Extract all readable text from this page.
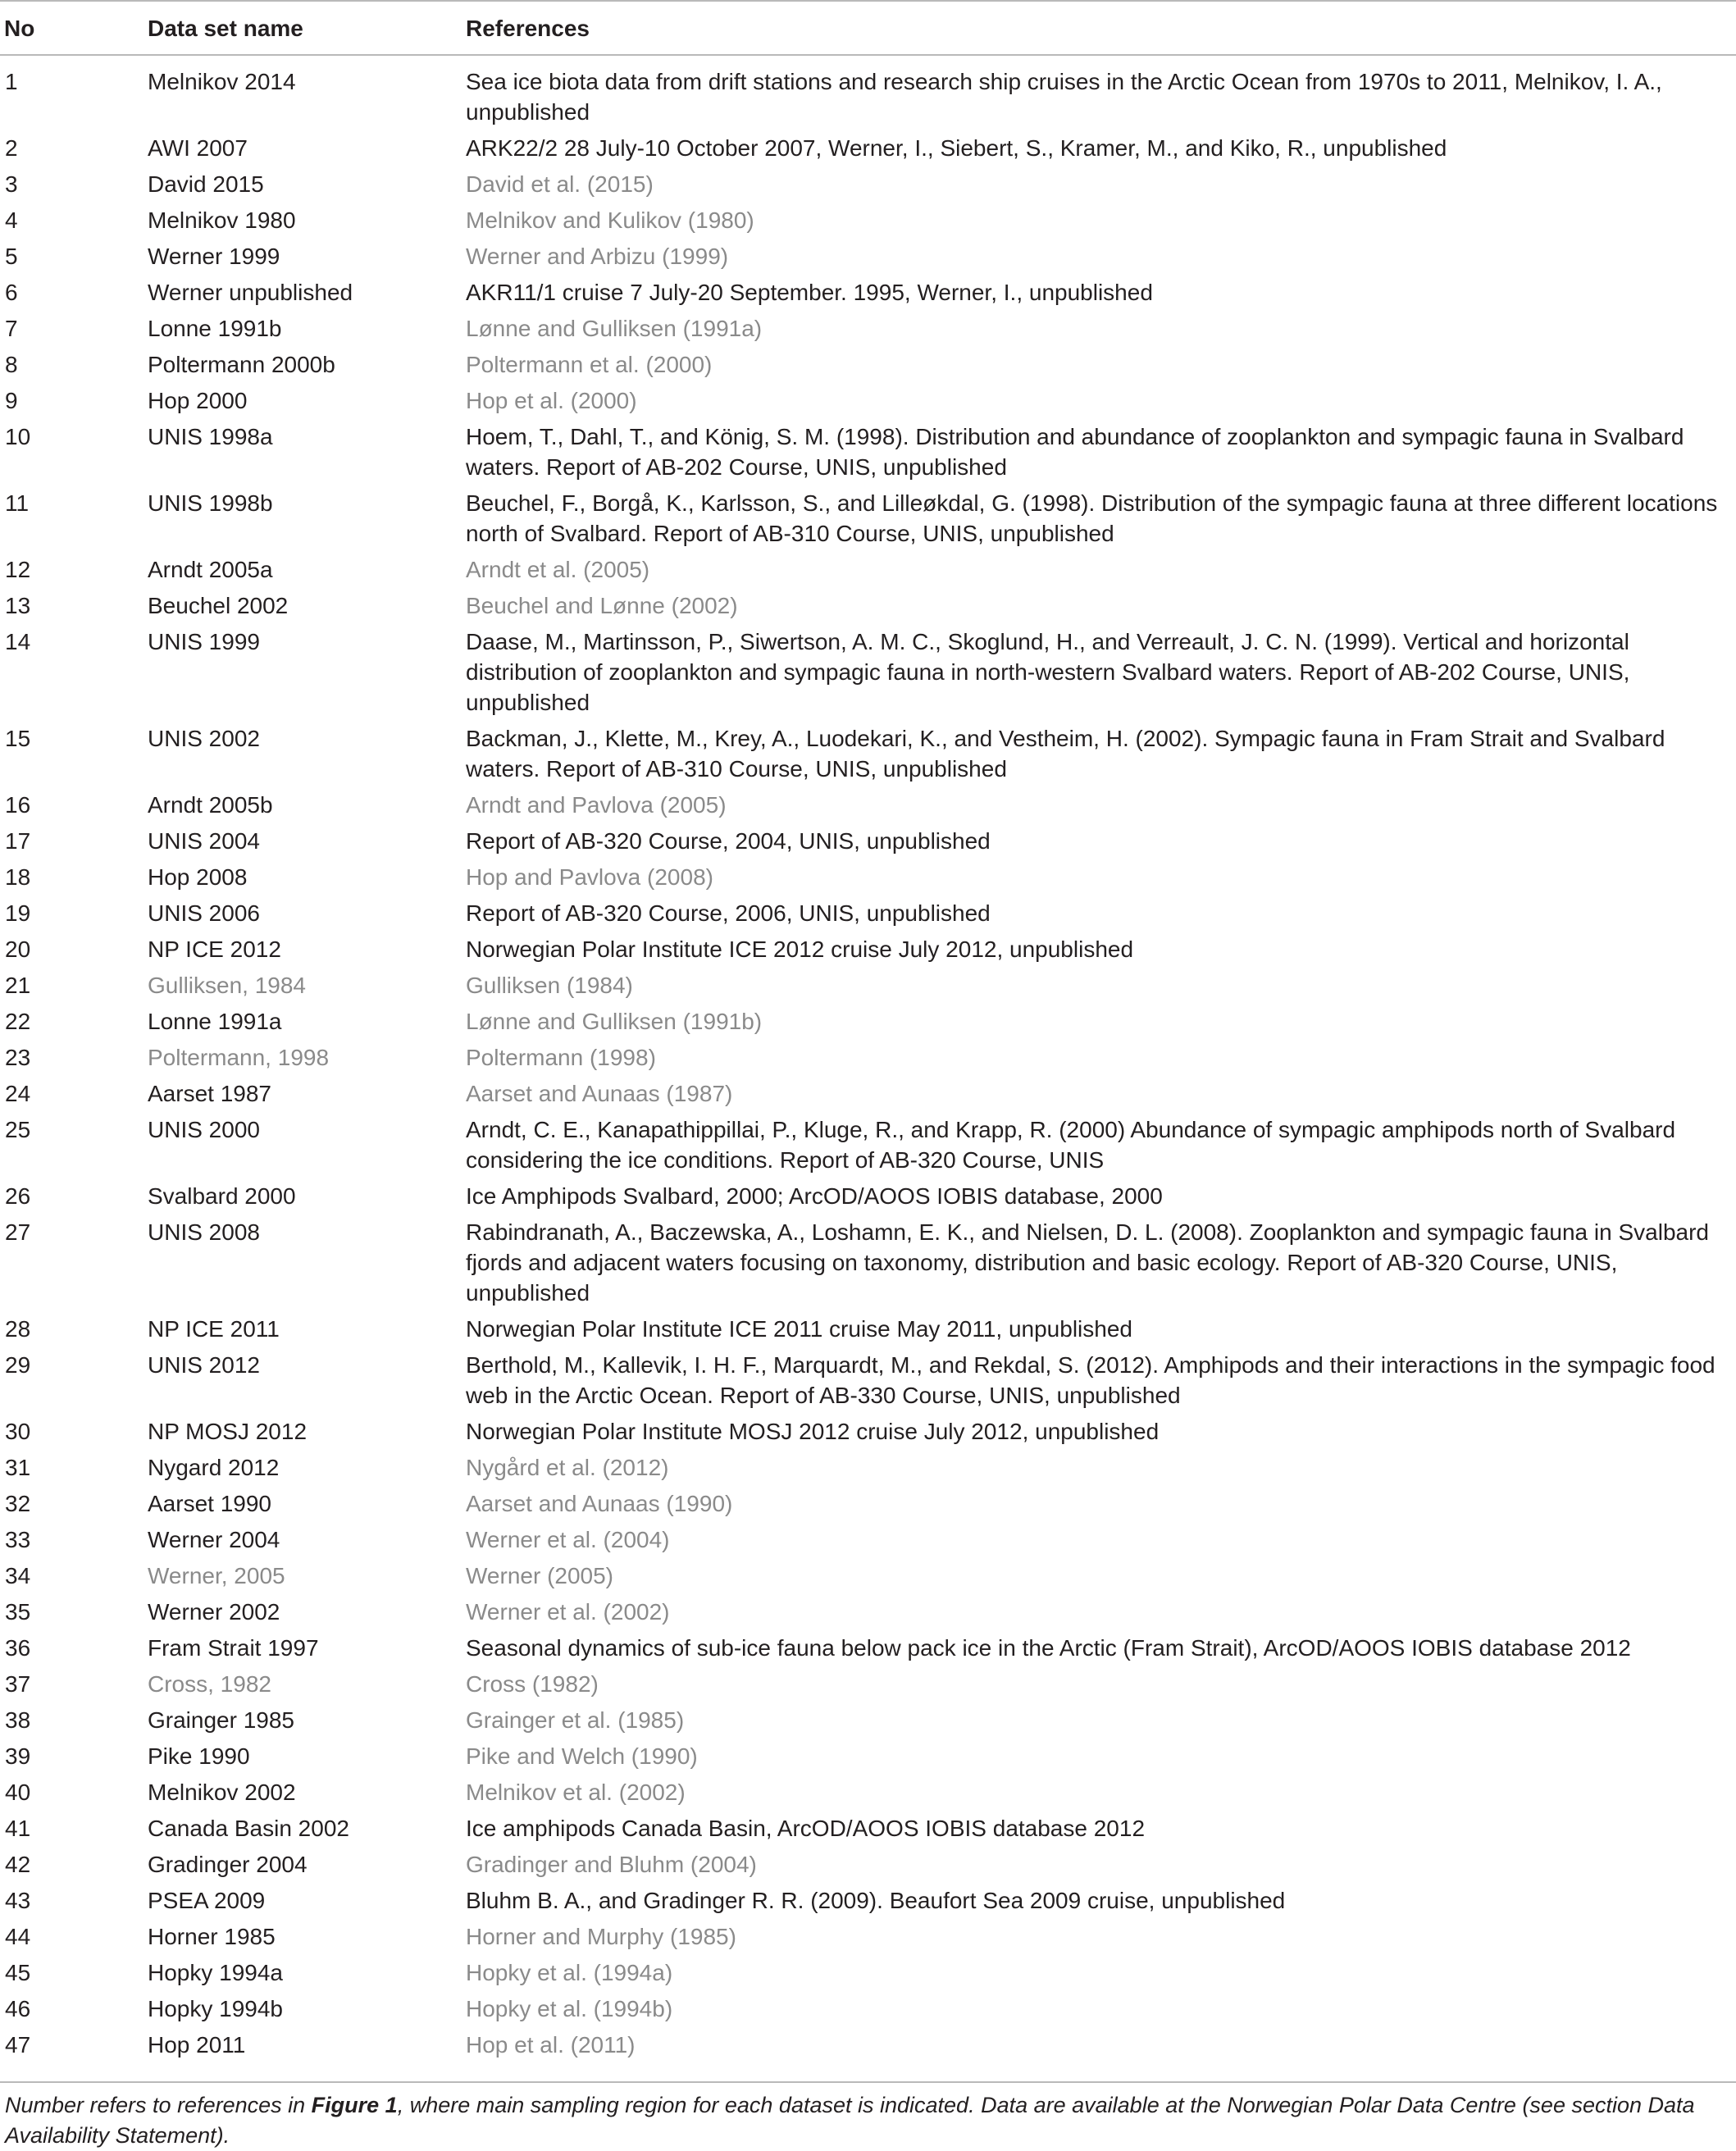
No	Data set name	References
1	Melnikov 2014	Sea ice biota data from drift stations and research ship cruises in the Arctic Ocean from 1970s to 2011, Melnikov, I. A., unpublished
2	AWI 2007	ARK22/2 28 July-10 October 2007, Werner, I., Siebert, S., Kramer, M., and Kiko, R., unpublished
3	David 2015	David et al. (2015)
4	Melnikov 1980	Melnikov and Kulikov (1980)
5	Werner 1999	Werner and Arbizu (1999)
6	Werner unpublished	AKR11/1 cruise 7 July-20 September. 1995, Werner, I., unpublished
7	Lonne 1991b	Lønne and Gulliksen (1991a)
8	Poltermann 2000b	Poltermann et al. (2000)
9	Hop 2000	Hop et al. (2000)
10	UNIS 1998a	Hoem, T., Dahl, T., and König, S. M. (1998). Distribution and abundance of zooplankton and sympagic fauna in Svalbard waters. Report of AB-202 Course, UNIS, unpublished
11	UNIS 1998b	Beuchel, F., Borgå, K., Karlsson, S., and Lilleøkdal, G. (1998). Distribution of the sympagic fauna at three different locations north of Svalbard. Report of AB-310 Course, UNIS, unpublished
12	Arndt 2005a	Arndt et al. (2005)
13	Beuchel 2002	Beuchel and Lønne (2002)
14	UNIS 1999	Daase, M., Martinsson, P., Siwertson, A. M. C., Skoglund, H., and Verreault, J. C. N. (1999). Vertical and horizontal distribution of zooplankton and sympagic fauna in north-western Svalbard waters. Report of AB-202 Course, UNIS, unpublished
15	UNIS 2002	Backman, J., Klette, M., Krey, A., Luodekari, K., and Vestheim, H. (2002). Sympagic fauna in Fram Strait and Svalbard waters. Report of AB-310 Course, UNIS, unpublished
16	Arndt 2005b	Arndt and Pavlova (2005)
17	UNIS 2004	Report of AB-320 Course, 2004, UNIS, unpublished
18	Hop 2008	Hop and Pavlova (2008)
19	UNIS 2006	Report of AB-320 Course, 2006, UNIS, unpublished
20	NP ICE 2012	Norwegian Polar Institute ICE 2012 cruise July 2012, unpublished
21	Gulliksen, 1984	Gulliksen (1984)
22	Lonne 1991a	Lønne and Gulliksen (1991b)
23	Poltermann, 1998	Poltermann (1998)
24	Aarset 1987	Aarset and Aunaas (1987)
25	UNIS 2000	Arndt, C. E., Kanapathippillai, P., Kluge, R., and Krapp, R. (2000) Abundance of sympagic amphipods north of Svalbard considering the ice conditions. Report of AB-320 Course, UNIS
26	Svalbard 2000	Ice Amphipods Svalbard, 2000; ArcOD/AOOS IOBIS database, 2000
27	UNIS 2008	Rabindranath, A., Baczewska, A., Loshamn, E. K., and Nielsen, D. L. (2008). Zooplankton and sympagic fauna in Svalbard fjords and adjacent waters focusing on taxonomy, distribution and basic ecology. Report of AB-320 Course, UNIS, unpublished
28	NP ICE 2011	Norwegian Polar Institute ICE 2011 cruise May 2011, unpublished
29	UNIS 2012	Berthold, M., Kallevik, I. H. F., Marquardt, M., and Rekdal, S. (2012). Amphipods and their interactions in the sympagic food web in the Arctic Ocean. Report of AB-330 Course, UNIS, unpublished
30	NP MOSJ 2012	Norwegian Polar Institute MOSJ 2012 cruise July 2012, unpublished
31	Nygard 2012	Nygård et al. (2012)
32	Aarset 1990	Aarset and Aunaas (1990)
33	Werner 2004	Werner et al. (2004)
34	Werner, 2005	Werner (2005)
35	Werner 2002	Werner et al. (2002)
36	Fram Strait 1997	Seasonal dynamics of sub-ice fauna below pack ice in the Arctic (Fram Strait), ArcOD/AOOS IOBIS database 2012
37	Cross, 1982	Cross (1982)
38	Grainger 1985	Grainger et al. (1985)
39	Pike 1990	Pike and Welch (1990)
40	Melnikov 2002	Melnikov et al. (2002)
41	Canada Basin 2002	Ice amphipods Canada Basin, ArcOD/AOOS IOBIS database 2012
42	Gradinger 2004	Gradinger and Bluhm (2004)
43	PSEA 2009	Bluhm B. A., and Gradinger R. R. (2009). Beaufort Sea 2009 cruise, unpublished
44	Horner 1985	Horner and Murphy (1985)
45	Hopky 1994a	Hopky et al. (1994a)
46	Hopky 1994b	Hopky et al. (1994b)
47	Hop 2011	Hop et al. (2011)
Number refers to references in Figure 1, where main sampling region for each dataset is indicated. Data are available at the Norwegian Polar Data Centre (see section Data Availability Statement).
